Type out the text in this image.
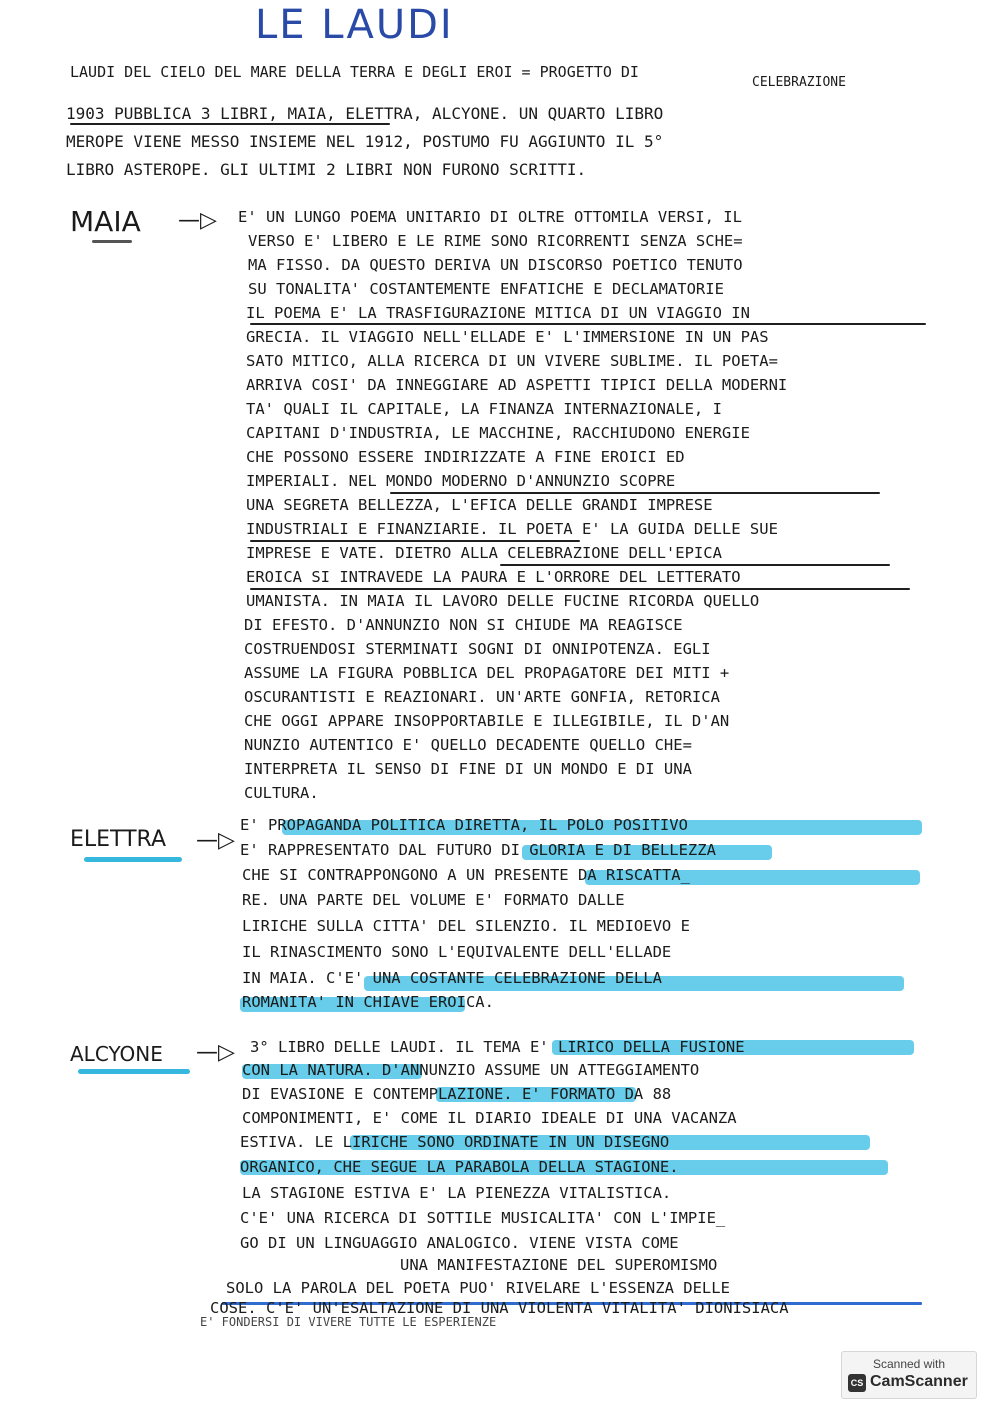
LE LAUDI
LAUDI DEL CIELO DEL MARE DELLA TERRA E DEGLI EROI = PROGETTO DI
CELEBRAZIONE
1903 PUBBLICA 3 LIBRI, MAIA, ELETTRA, ALCYONE. UN QUARTO LIBRO
MEROPE VIENE MESSO INSIEME NEL 1912, POSTUMO FU AGGIUNTO IL 5°
LIBRO ASTEROPE. GLI ULTIMI 2 LIBRI NON FURONO SCRITTI.
MAIA —▷ E' UN LUNGO POEMA UNITARIO DI OLTRE OTTOMILA VERSI, IL
VERSO E' LIBERO E LE RIME SONO RICORRENTI SENZA SCHE=
MA FISSO. DA QUESTO DERIVA UN DISCORSO POETICO TENUTO
SU TONALITA' COSTANTEMENTE ENFATICHE E DECLAMATORIE
IL POEMA E' LA TRASFIGURAZIONE MITICA DI UN VIAGGIO IN
GRECIA. IL VIAGGIO NELL'ELLADE E' L'IMMERSIONE IN UN PAS
SATO MITICO, ALLA RICERCA DI UN VIVERE SUBLIME. IL POETA=
ARRIVA COSI' DA INNEGGIARE AD ASPETTI TIPICI DELLA MODERNI
TA' QUALI IL CAPITALE, LA FINANZA INTERNAZIONALE, I
CAPITANI D'INDUSTRIA, LE MACCHINE, RACCHIUDONO ENERGIE
CHE POSSONO ESSERE INDIRIZZATE A FINE EROICI ED
IMPERIALI. NEL MONDO MODERNO D'ANNUNZIO SCOPRE
UNA SEGRETA BELLEZZA, L'EFICA DELLE GRANDI IMPRESE
INDUSTRIALI E FINANZIARIE. IL POETA E' LA GUIDA DELLE SUE
IMPRESE E VATE. DIETRO ALLA CELEBRAZIONE DELL'EPICA
EROICA SI INTRAVEDE LA PAURA E L'ORRORE DEL LETTERATO
UMANISTA. IN MAIA IL LAVORO DELLE FUCINE RICORDA QUELLO
DI EFESTO. D'ANNUNZIO NON SI CHIUDE MA REAGISCE
COSTRUENDOSI STERMINATI SOGNI DI ONNIPOTENZA. EGLI
ASSUME LA FIGURA POBBLICA DEL PROPAGATORE DEI MITI +
OSCURANTISTI E REAZIONARI. UN'ARTE GONFIA, RETORICA
CHE OGGI APPARE INSOPPORTABILE E ILLEGIBILE, IL D'AN
NUNZIO AUTENTICO E' QUELLO DECADENTE QUELLO CHE=
INTERPRETA IL SENSO DI FINE DI UN MONDO E DI UNA
CULTURA.
ELETTRA —▷
E' PROPAGANDA POLITICA DIRETTA, IL POLO POSITIVO
E' RAPPRESENTATO DAL FUTURO DI GLORIA E DI BELLEZZA
CHE SI CONTRAPPONGONO A UN PRESENTE DA RISCATTA_
RE. UNA PARTE DEL VOLUME E' FORMATO DALLE
LIRICHE SULLA CITTA' DEL SILENZIO. IL MEDIOEVO E
IL RINASCIMENTO SONO L'EQUIVALENTE DELL'ELLADE
IN MAIA. C'E' UNA COSTANTE CELEBRAZIONE DELLA
ROMANITA' IN CHIAVE EROICA.
ALCYONE —▷ 3° LIBRO DELLE LAUDI. IL TEMA E' LIRICO DELLA FUSIONE
CON LA NATURA. D'ANNUNZIO ASSUME UN ATTEGGIAMENTO
DI EVASIONE E CONTEMPLAZIONE. E' FORMATO DA 88
COMPONIMENTI, E' COME IL DIARIO IDEALE DI UNA VACANZA
ESTIVA. LE LIRICHE SONO ORDINATE IN UN DISEGNO
ORGANICO, CHE SEGUE LA PARABOLA DELLA STAGIONE.
LA STAGIONE ESTIVA E' LA PIENEZZA VITALISTICA.
C'E' UNA RICERCA DI SOTTILE MUSICALITA' CON L'IMPIE_
GO DI UN LINGUAGGIO ANALOGICO. VIENE VISTA COME
UNA MANIFESTAZIONE DEL SUPEROMISMO
SOLO LA PAROLA DEL POETA PUO' RIVELARE L'ESSENZA DELLE
COSE. C'E' UN'ESALTAZIONE DI UNA VIOLENTA VITALITA' DIONISIACA
E' FONDERSI DI VIVERE TUTTE LE ESPERIENZE
Scanned with
CS CamScanner
